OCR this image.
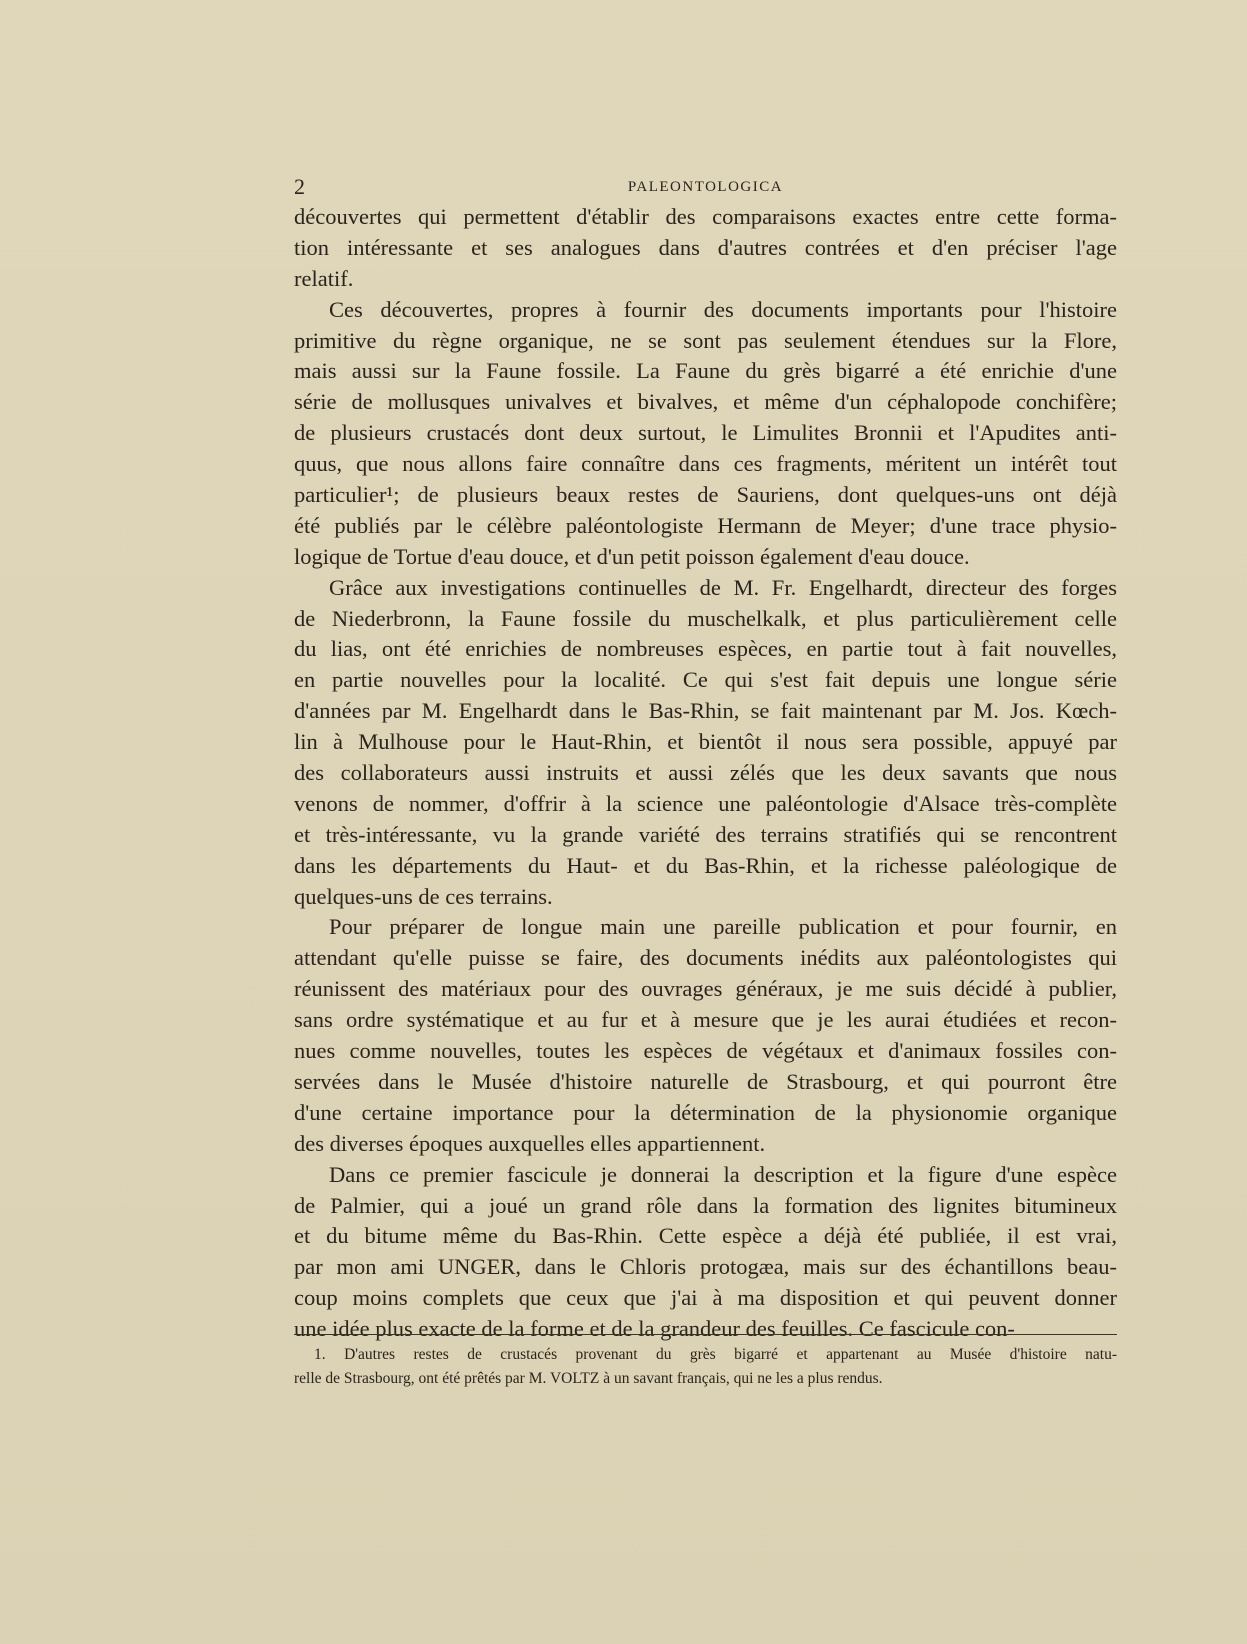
2	PALEONTOLOGICA
découvertes qui permettent d'établir des comparaisons exactes entre cette forma-
tion intéressante et ses analogues dans d'autres contrées et d'en préciser l'age
relatif.
Ces découvertes, propres à fournir des documents importants pour l'histoire
primitive du règne organique, ne se sont pas seulement étendues sur la Flore,
mais aussi sur la Faune fossile. La Faune du grès bigarré a été enrichie d'une
série de mollusques univalves et bivalves, et même d'un céphalopode conchifère;
de plusieurs crustacés dont deux surtout, le Limulites Bronnii et l'Apudites anti-
quus, que nous allons faire connaître dans ces fragments, méritent un intérêt tout
particulier¹; de plusieurs beaux restes de Sauriens, dont quelques-uns ont déjà
été publiés par le célèbre paléontologiste Hermann de Meyer; d'une trace physio-
logique de Tortue d'eau douce, et d'un petit poisson également d'eau douce.
Grâce aux investigations continuelles de M. Fr. Engelhardt, directeur des forges
de Niederbronn, la Faune fossile du muschelkalk, et plus particulièrement celle
du lias, ont été enrichies de nombreuses espèces, en partie tout à fait nouvelles,
en partie nouvelles pour la localité. Ce qui s'est fait depuis une longue série
d'années par M. Engelhardt dans le Bas-Rhin, se fait maintenant par M. Jos. Kœch-
lin à Mulhouse pour le Haut-Rhin, et bientôt il nous sera possible, appuyé par
des collaborateurs aussi instruits et aussi zélés que les deux savants que nous
venons de nommer, d'offrir à la science une paléontologie d'Alsace très-complète
et très-intéressante, vu la grande variété des terrains stratifiés qui se rencontrent
dans les départements du Haut- et du Bas-Rhin, et la richesse paléologique de
quelques-uns de ces terrains.
Pour préparer de longue main une pareille publication et pour fournir, en
attendant qu'elle puisse se faire, des documents inédits aux paléontologistes qui
réunissent des matériaux pour des ouvrages généraux, je me suis décidé à publier,
sans ordre systématique et au fur et à mesure que je les aurai étudiées et recon-
nues comme nouvelles, toutes les espèces de végétaux et d'animaux fossiles con-
servées dans le Musée d'histoire naturelle de Strasbourg, et qui pourront être
d'une certaine importance pour la détermination de la physionomie organique
des diverses époques auxquelles elles appartiennent.
Dans ce premier fascicule je donnerai la description et la figure d'une espèce
de Palmier, qui a joué un grand rôle dans la formation des lignites bitumineux
et du bitume même du Bas-Rhin. Cette espèce a déjà été publiée, il est vrai,
par mon ami UNGER, dans le Chloris protogæa, mais sur des échantillons beau-
coup moins complets que ceux que j'ai à ma disposition et qui peuvent donner
une idée plus exacte de la forme et de la grandeur des feuilles. Ce fascicule con-
1. D'autres restes de crustacés provenant du grès bigarré et appartenant au Musée d'histoire natu-
relle de Strasbourg, ont été prêtés par M. VOLTZ à un savant français, qui ne les a plus rendus.
